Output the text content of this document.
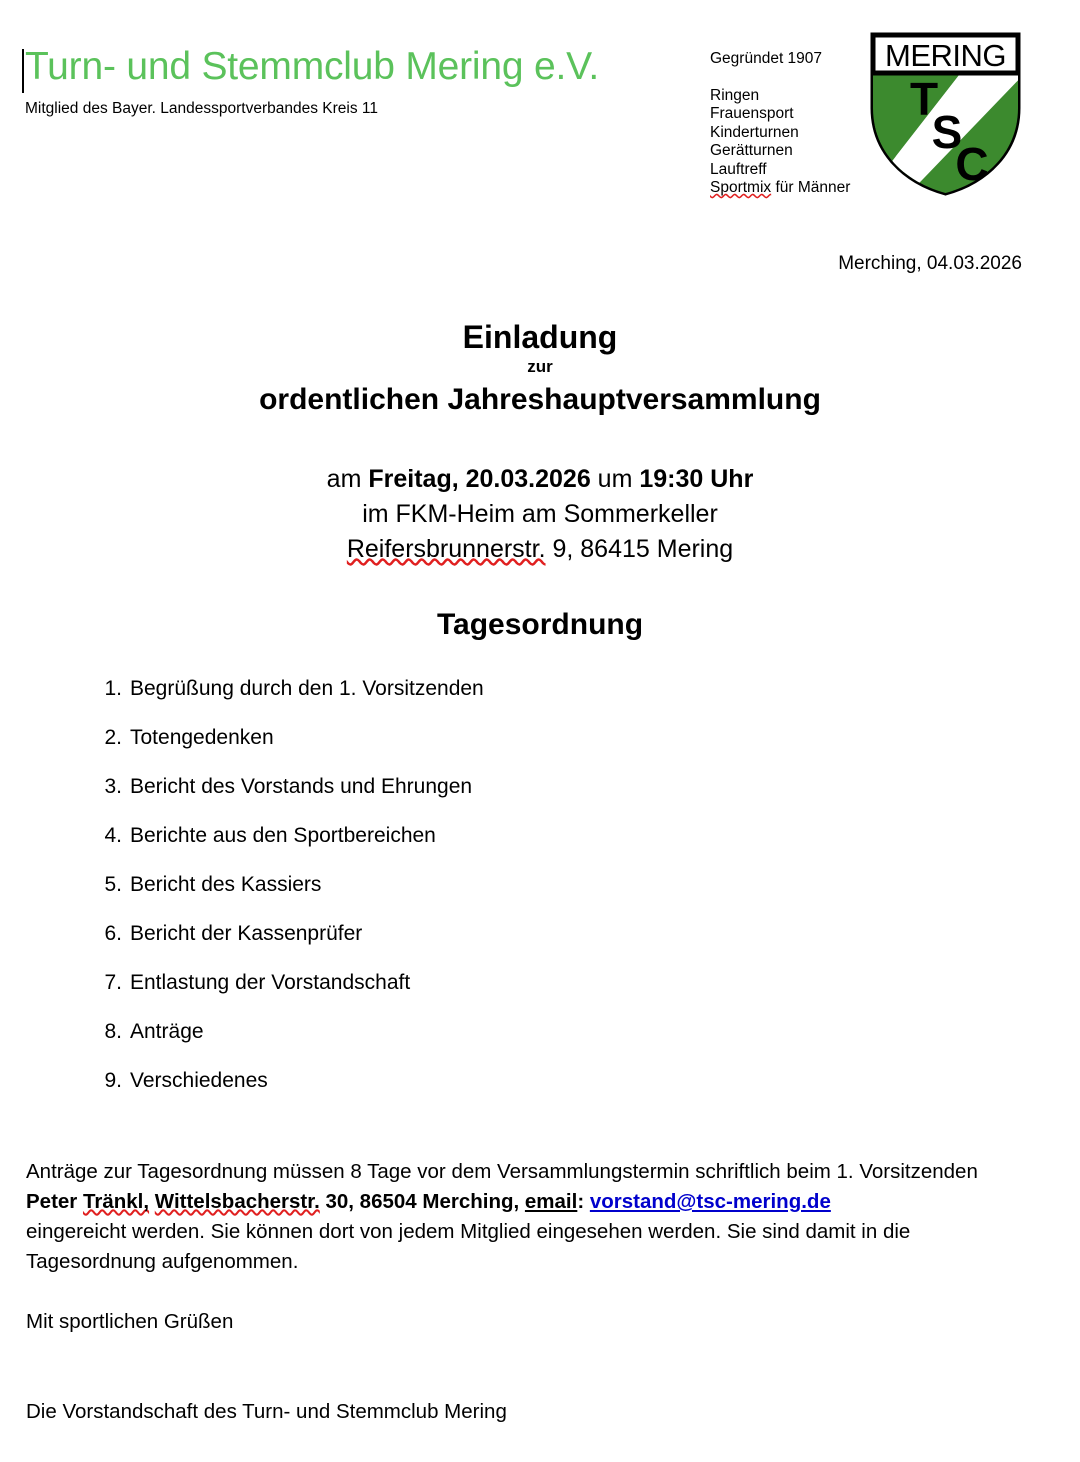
Turn- und Stemmclub Mering e.V.
Mitglied des Bayer. Landessportverbandes Kreis 11
Gegründet 1907
Ringen
Frauensport
Kinderturnen
Gerätturnen
Lauftreff
Sportmix für Männer
MERING
T
S
C
Merching, 04.03.2026
Einladung
zur
ordentlichen Jahreshauptversammlung
am Freitag, 20.03.2026 um 19:30 Uhr
im FKM-Heim am Sommerkeller
Reifersbrunnerstr. 9, 86415 Mering
Tagesordnung
Begrüßung durch den 1. Vorsitzenden
Totengedenken
Bericht des Vorstands und Ehrungen
Berichte aus den Sportbereichen
Bericht des Kassiers
Bericht der Kassenprüfer
Entlastung der Vorstandschaft
Anträge
Verschiedenes

Anträge zur Tagesordnung müssen 8 Tage vor dem Versammlungstermin schriftlich beim 1. Vorsitzenden

Peter Tränkl, Wittelsbacherstr. 30, 86504 Merching, email: vorstand@tsc-mering.de

eingereicht werden. Sie können dort von jedem Mitglied eingesehen werden. Sie sind damit in die Tagesordnung aufgenommen.

Mit sportlichen Grüßen

Die Vorstandschaft des Turn- und Stemmclub Mering
